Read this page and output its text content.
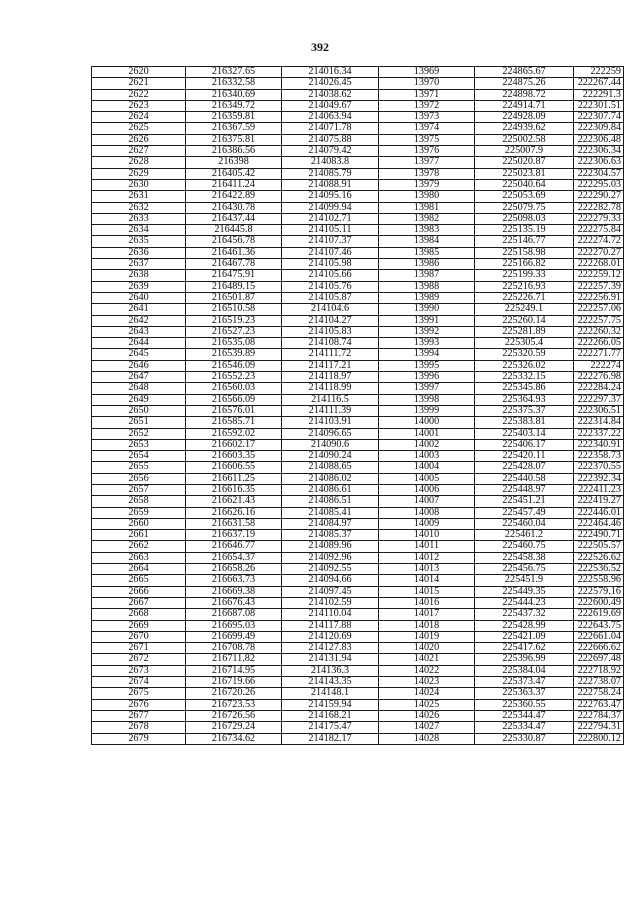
392
2620	216327.65	214016.34	13969	224865.67	222259
2621	216332.58	214026.45	13970	224875.26	222267.44
2622	216340.69	214038.62	13971	224898.72	222291.3
2623	216349.72	214049.67	13972	224914.71	222301.51
2624	216359.81	214063.94	13973	224928.09	222307.74
2625	216367.59	214071.78	13974	224939.62	222309.84
2626	216375.81	214075.88	13975	225002.58	222306.48
2627	216386.56	214079.42	13976	225007.9	222306.34
2628	216398	214083.8	13977	225020.87	222306.63
2629	216405.42	214085.79	13978	225023.81	222304.57
2630	216411.24	214088.91	13979	225040.64	222295.03
2631	216422.89	214095.16	13980	225053.69	222290.27
2632	216430.78	214099.94	13981	225079.75	222282.78
2633	216437.44	214102.71	13982	225098.03	222279.33
2634	216445.8	214105.11	13983	225135.19	222275.84
2635	216456.78	214107.37	13984	225146.77	222274.72
2636	216461.36	214107.46	13985	225158.98	222270.27
2637	216467.78	214105.98	13986	225166.82	222268.01
2638	216475.91	214105.66	13987	225199.33	222259.12
2639	216489.15	214105.76	13988	225216.93	222257.39
2640	216501.87	214105.87	13989	225226.71	222256.91
2641	216510.58	214104.6	13990	225249.1	222257.06
2642	216519.23	214104.27	13991	225260.14	222257.75
2643	216527.23	214105.83	13992	225281.89	222260.32
2644	216535.08	214108.74	13993	225305.4	222266.05
2645	216539.89	214111.72	13994	225320.59	222271.77
2646	216546.09	214117.21	13995	225326.02	222274
2647	216552.23	214118.97	13996	225332.15	222276.98
2648	216560.03	214118.99	13997	225345.86	222284.24
2649	216566.09	214116.5	13998	225364.93	222297.37
2650	216576.01	214111.39	13999	225375.37	222306.51
2651	216585.71	214103.91	14000	225383.81	222314.84
2652	216592.02	214096.65	14001	225403.14	222337.22
2653	216602.17	214090.6	14002	225406.17	222340.91
2654	216603.35	214090.24	14003	225420.11	222358.73
2655	216606.55	214088.65	14004	225428.07	222370.55
2656	216611.25	214086.02	14005	225440.58	222392.34
2657	216616.35	214086.61	14006	225448.97	222411.23
2658	216621.43	214086.51	14007	225451.21	222419.27
2659	216626.16	214085.41	14008	225457.49	222446.01
2660	216631.58	214084.97	14009	225460.04	222464.46
2661	216637.19	214085.37	14010	225461.2	222490.71
2662	216646.77	214089.96	14011	225460.75	222505.57
2663	216654.37	214092.96	14012	225458.38	222526.62
2664	216658.26	214092.55	14013	225456.75	222536.52
2665	216663.73	214094.66	14014	225451.9	222558.96
2666	216669.38	214097.45	14015	225449.35	222579.16
2667	216676.43	214102.59	14016	225444.23	222600.49
2668	216687.08	214110.04	14017	225437.32	222619.69
2669	216695.03	214117.88	14018	225428.99	222643.75
2670	216699.49	214120.69	14019	225421.09	222661.04
2671	216708.78	214127.83	14020	225417.62	222666.62
2672	216711.82	214131.94	14021	225396.99	222697.48
2673	216714.95	214136.3	14022	225384.04	222718.92
2674	216719.66	214143.35	14023	225373.47	222738.07
2675	216720.26	214148.1	14024	225363.37	222758.24
2676	216723.53	214159.94	14025	225360.55	222763.47
2677	216726.56	214168.21	14026	225344.47	222784.37
2678	216729.24	214175.47	14027	225334.47	222794.31
2679	216734.62	214182.17	14028	225330.87	222800.12
